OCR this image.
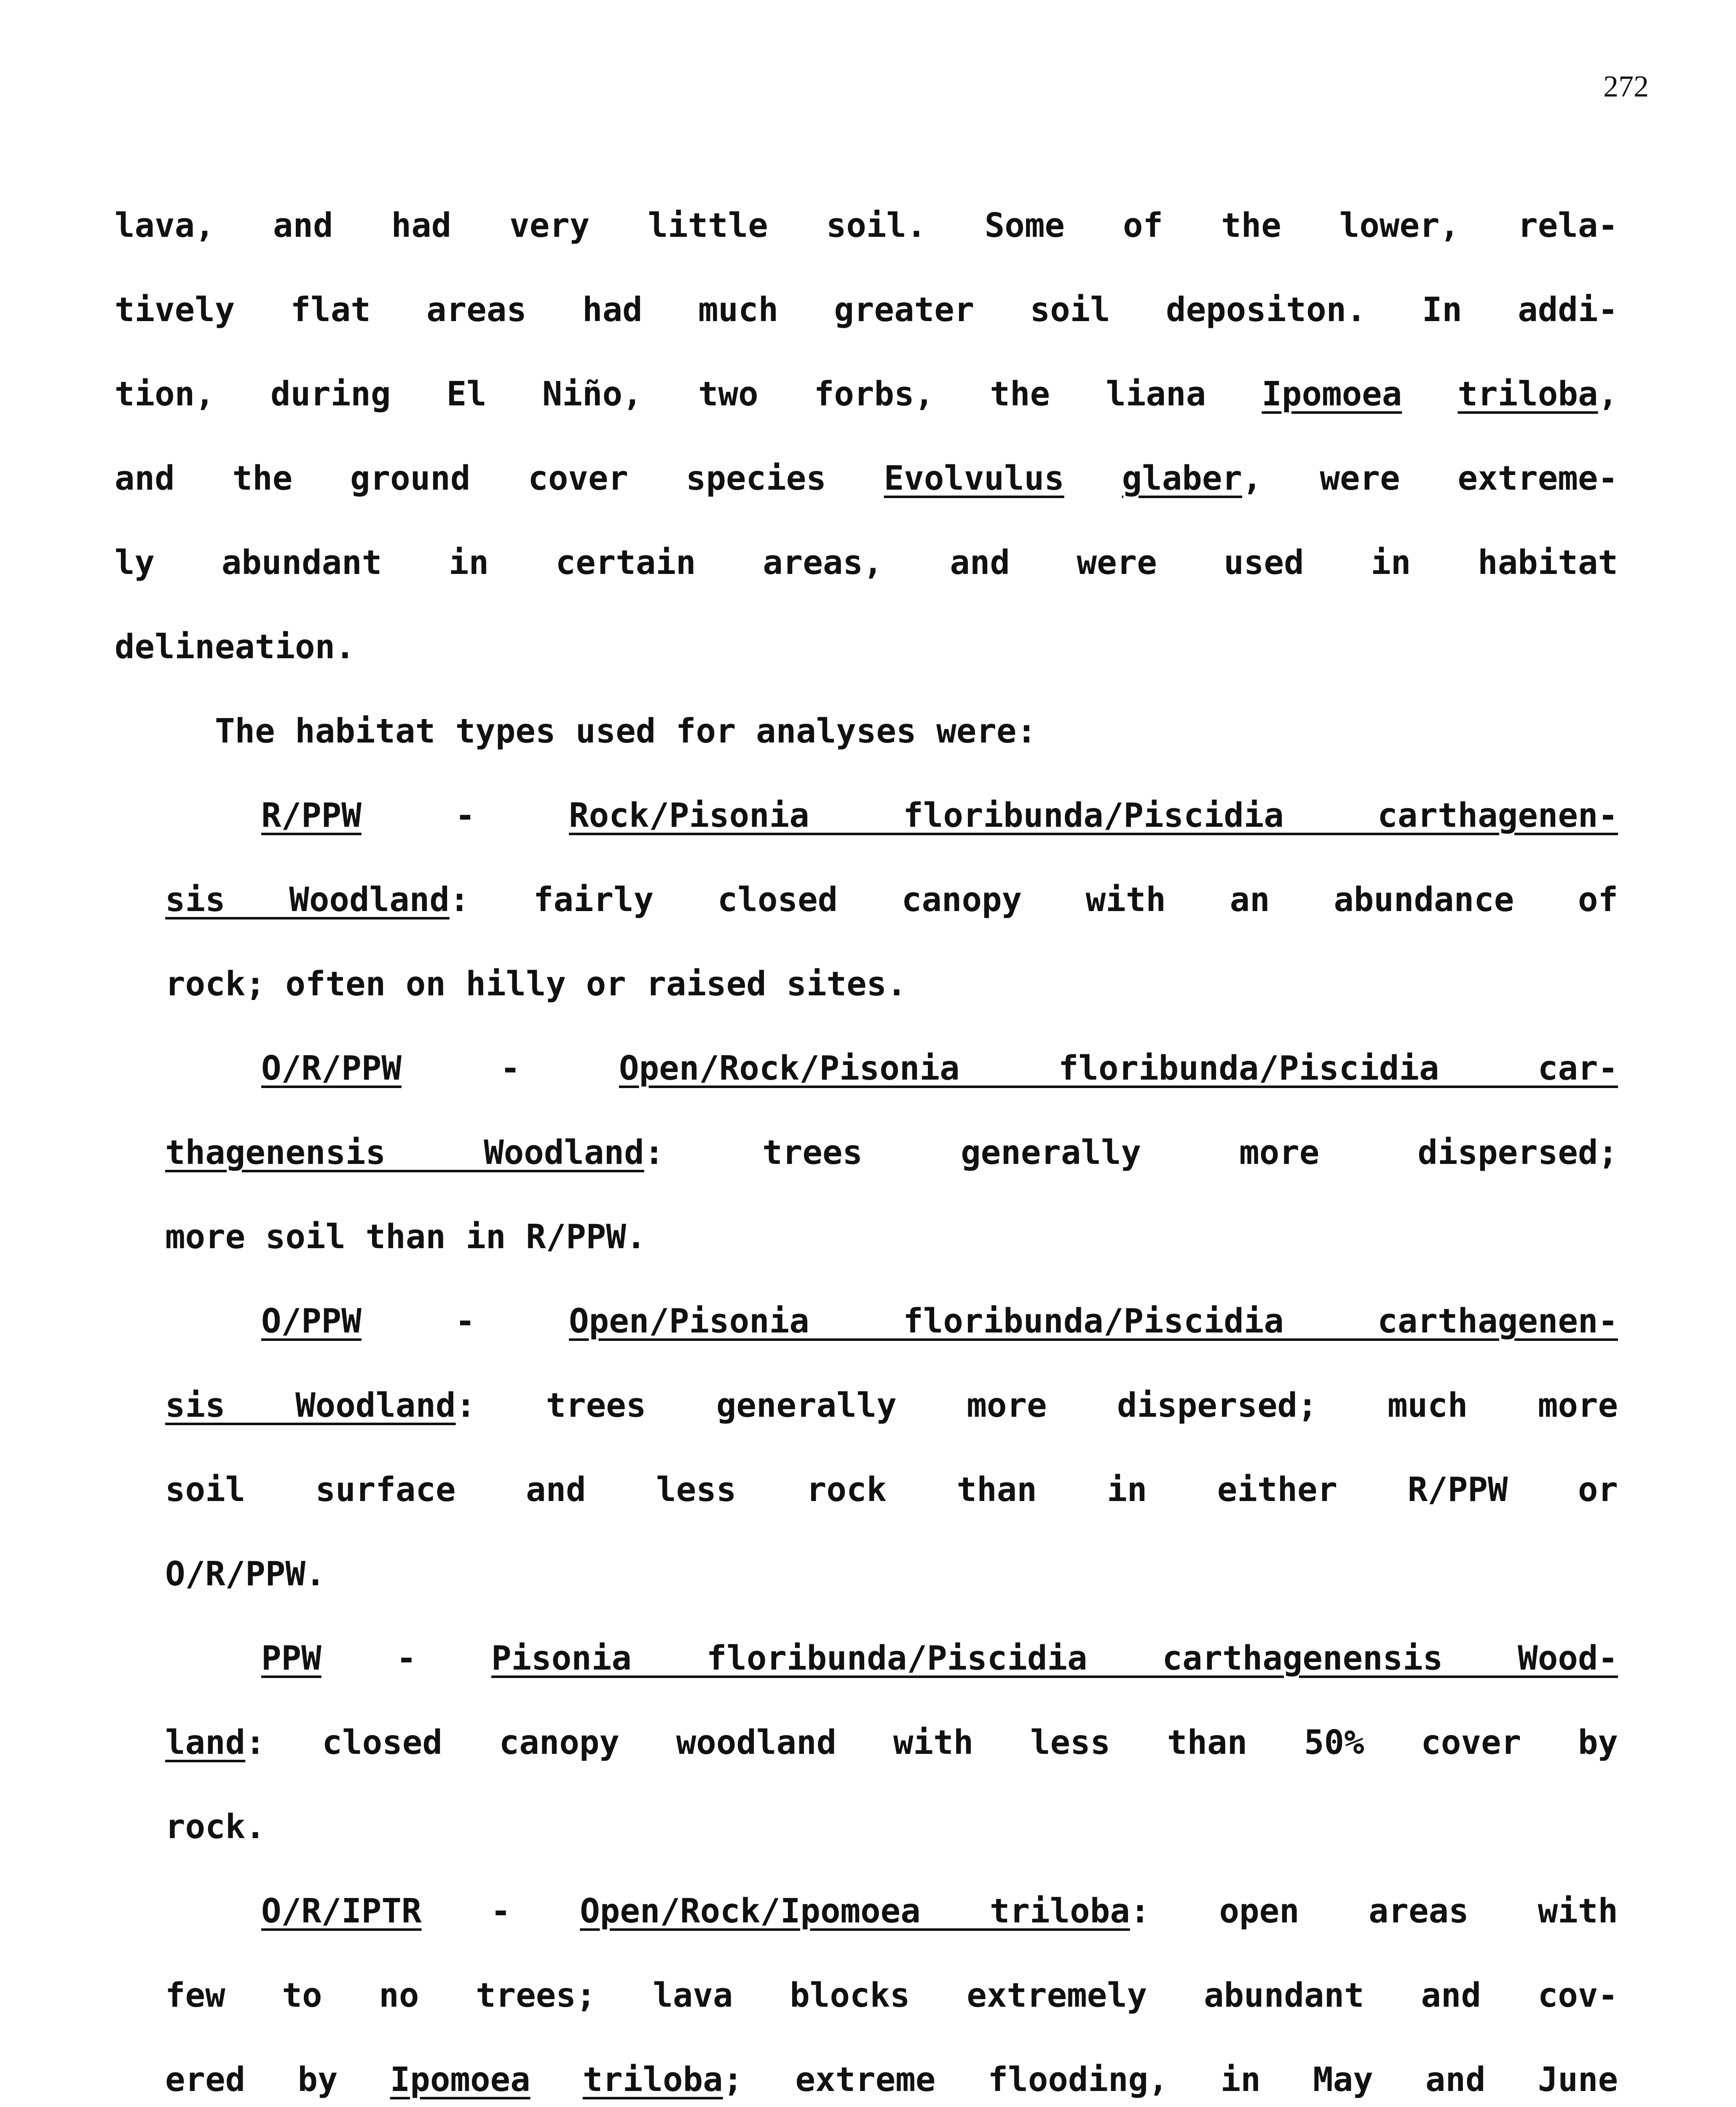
272
lava, and had very little soil. Some of the lower, rela-
tively flat areas had much greater soil depositon. In addi-
tion, during El Niño, two forbs, the liana Ipomoea triloba,
and the ground cover species Evolvulus glaber, were extreme-
ly abundant in certain areas, and were used in habitat
delineation.
The habitat types used for analyses were:
R/PPW - Rock/Pisonia floribunda/Piscidia carthagenen-
sis Woodland: fairly closed canopy with an abundance of
rock; often on hilly or raised sites.
O/R/PPW - Open/Rock/Pisonia floribunda/Piscidia car-
thagenensis Woodland: trees generally more dispersed;
more soil than in R/PPW.
O/PPW - Open/Pisonia floribunda/Piscidia carthagenen-
sis Woodland: trees generally more dispersed; much more
soil surface and less rock than in either R/PPW or
O/R/PPW.
PPW - Pisonia floribunda/Piscidia carthagenensis Wood-
land: closed canopy woodland with less than 50% cover by
rock.
O/R/IPTR - Open/Rock/Ipomoea triloba: open areas with
few to no trees; lava blocks extremely abundant and cov-
ered by Ipomoea triloba; extreme flooding, in May and June
